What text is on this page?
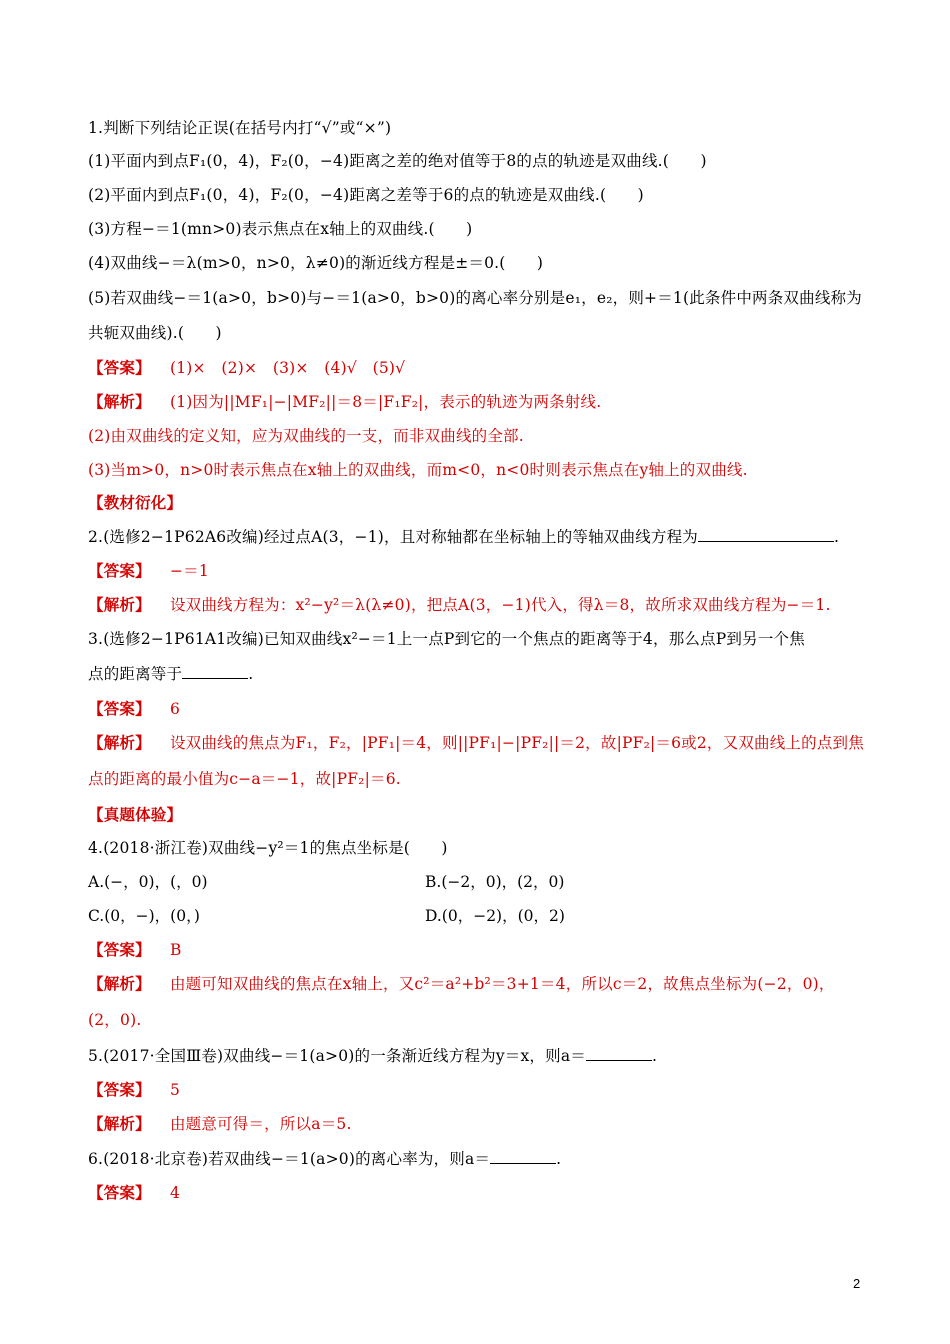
1.判断下列结论正误(在括号内打“√”或“×”)
(1)平面内到点F₁(0，4)，F₂(0，−4)距离之差的绝对值等于8的点的轨迹是双曲线.(　　)
(2)平面内到点F₁(0，4)，F₂(0，−4)距离之差等于6的点的轨迹是双曲线.(　　)
(3)方程−＝1(mn>0)表示焦点在x轴上的双曲线.(　　)
(4)双曲线−＝λ(m>0，n>0，λ≠0)的渐近线方程是±＝0.(　　)
(5)若双曲线−＝1(a>0，b>0)与−＝1(a>0，b>0)的离心率分别是e₁，e₂，则+＝1(此条件中两条双曲线称为
共轭双曲线).(　　)
【答案】 (1)×　(2)×　(3)×　(4)√　(5)√
【解析】 (1)因为||MF₁|−|MF₂||＝8＝|F₁F₂|，表示的轨迹为两条射线.
(2)由双曲线的定义知，应为双曲线的一支，而非双曲线的全部.
(3)当m>0，n>0时表示焦点在x轴上的双曲线，而m<0，n<0时则表示焦点在y轴上的双曲线.
【教材衍化】
2.(选修2−1P62A6改编)经过点A(3，−1)，且对称轴都在坐标轴上的等轴双曲线方程为	.
【答案】 −＝1
【解析】 设双曲线方程为：x²−y²＝λ(λ≠0)，把点A(3，−1)代入，得λ＝8，故所求双曲线方程为−＝1.
3.(选修2−1P61A1改编)已知双曲线x²−＝1上一点P到它的一个焦点的距离等于4，那么点P到另一个焦
点的距离等于	.
【答案】 6
【解析】 设双曲线的焦点为F₁，F₂，|PF₁|＝4，则||PF₁|−|PF₂||＝2，故|PF₂|＝6或2，又双曲线上的点到焦
点的距离的最小值为c−a＝−1，故|PF₂|＝6.
【真题体验】
4.(2018·浙江卷)双曲线−y²＝1的焦点坐标是(　　)
A.(−，0)，(，0)	B.(−2，0)，(2，0)
C.(0，−)，(0，)	D.(0，−2)，(0，2)
【答案】 B
【解析】 由题可知双曲线的焦点在x轴上，又c²＝a²+b²＝3+1＝4，所以c＝2，故焦点坐标为(−2，0)，
(2，0).
5.(2017·全国Ⅲ卷)双曲线−＝1(a>0)的一条渐近线方程为y＝x，则a＝	.
【答案】 5
【解析】 由题意可得＝，所以a＝5.
6.(2018·北京卷)若双曲线−＝1(a>0)的离心率为，则a＝	.
【答案】 4
2
